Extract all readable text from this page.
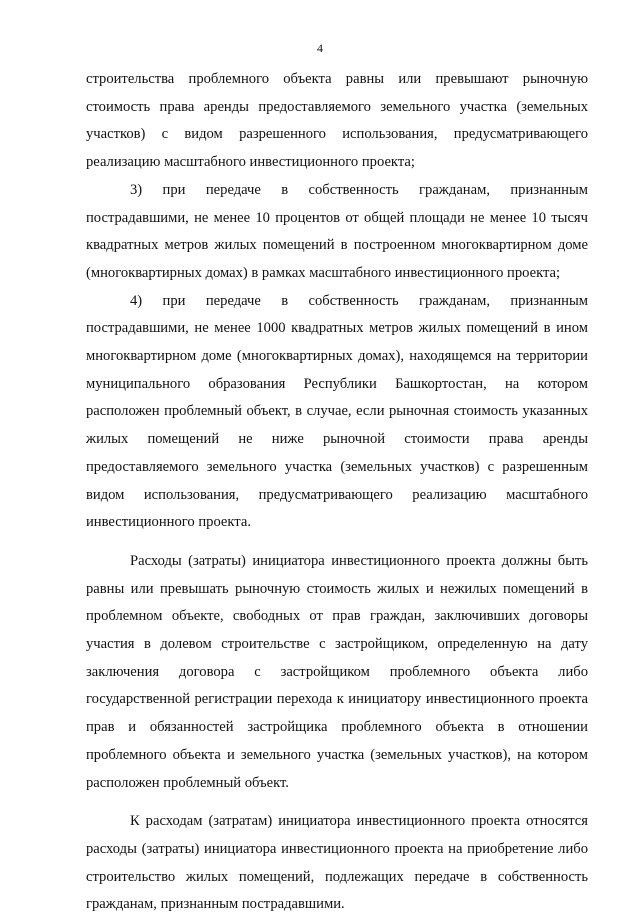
4

строительства проблемного объекта равны или превышают рыночную стоимость права аренды предоставляемого земельного участка (земельных участков) с видом разрешенного использования, предусматривающего реализацию масштабного инвестиционного проекта;

3) при передаче в собственность гражданам, признанным пострадавшими, не менее 10 процентов от общей площади не менее 10 тысяч квадратных метров жилых помещений в построенном многоквартирном доме (многоквартирных домах) в рамках масштабного инвестиционного проекта;

4) при передаче в собственность гражданам, признанным пострадавшими, не менее 1000 квадратных метров жилых помещений в ином многоквартирном доме (многоквартирных домах), находящемся на территории муниципального образования Республики Башкортостан, на котором расположен проблемный объект, в случае, если рыночная стоимость указанных жилых помещений не ниже рыночной стоимости права аренды предоставляемого земельного участка (земельных участков) с разрешенным видом использования, предусматривающего реализацию масштабного инвестиционного проекта.

Расходы (затраты) инициатора инвестиционного проекта должны быть равны или превышать рыночную стоимость жилых и нежилых помещений в проблемном объекте, свободных от прав граждан, заключивших договоры участия в долевом строительстве с застройщиком, определенную на дату заключения договора с застройщиком проблемного объекта либо государственной регистрации перехода к инициатору инвестиционного проекта прав и обязанностей застройщика проблемного объекта в отношении проблемного объекта и земельного участка (земельных участков), на котором расположен проблемный объект.

К расходам (затратам) инициатора инвестиционного проекта относятся расходы (затраты) инициатора инвестиционного проекта на приобретение либо строительство жилых помещений, подлежащих передаче в собственность гражданам, признанным пострадавшими.
